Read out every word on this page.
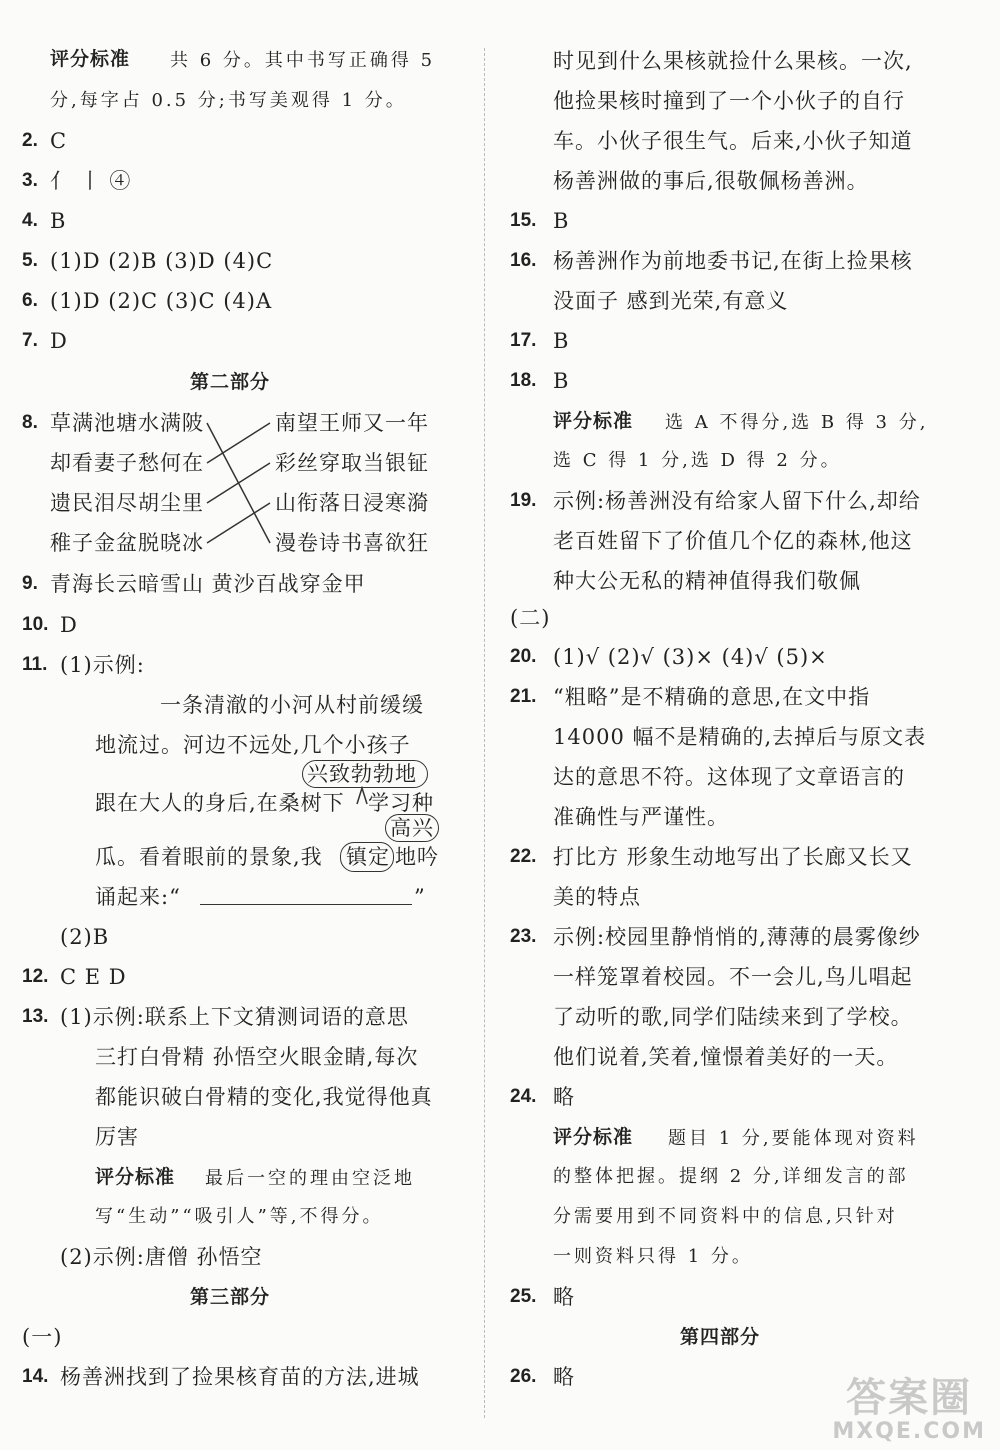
评分标准 共 6 分。其中书写正确得 5
分,每字占 0.5 分;书写美观得 1 分。
2. C
3. 亻 丨 ④
4. B
5. (1)D (2)B (3)D (4)C
6. (1)D (2)C (3)C (4)A
7. D
第二部分
8. 草满池塘水满陂
却看妻子愁何在
遗民泪尽胡尘里
稚子金盆脱晓冰
南望王师又一年
彩丝穿取当银钲
山衔落日浸寒漪
漫卷诗书喜欲狂
9. 青海长云暗雪山 黄沙百战穿金甲
10. D
11. (1)示例:
一条清澈的小河从村前缓缓
地流过。河边不远处,几个小孩子
兴致勃勃地
跟在大人的身后,在桑树下 学习种
高兴
瓜。看着眼前的景象,我 镇定 地吟
诵起来:“	”
(2)B
12. C E D
13. (1)示例:联系上下文猜测词语的意思
三打白骨精 孙悟空火眼金睛,每次
都能识破白骨精的变化,我觉得他真
厉害
评分标准 最后一空的理由空泛地
写“生动”“吸引人”等,不得分。
(2)示例:唐僧 孙悟空
第三部分
(一)
14. 杨善洲找到了捡果核育苗的方法,进城
时见到什么果核就捡什么果核。一次,
他捡果核时撞到了一个小伙子的自行
车。小伙子很生气。后来,小伙子知道
杨善洲做的事后,很敬佩杨善洲。
15. B
16. 杨善洲作为前地委书记,在街上捡果核
没面子 感到光荣,有意义
17. B
18. B
评分标准 选 A 不得分,选 B 得 3 分,
选 C 得 1 分,选 D 得 2 分。
19. 示例:杨善洲没有给家人留下什么,却给
老百姓留下了价值几个亿的森林,他这
种大公无私的精神值得我们敬佩
(二)
20. (1)√ (2)√ (3)× (4)√ (5)×
21. “粗略”是不精确的意思,在文中指
14000 幅不是精确的,去掉后与原文表
达的意思不符。这体现了文章语言的
准确性与严谨性。
22. 打比方 形象生动地写出了长廊又长又
美的特点
23. 示例:校园里静悄悄的,薄薄的晨雾像纱
一样笼罩着校园。不一会儿,鸟儿唱起
了动听的歌,同学们陆续来到了学校。
他们说着,笑着,憧憬着美好的一天。
24. 略
评分标准 题目 1 分,要能体现对资料
的整体把握。提纲 2 分,详细发言的部
分需要用到不同资料中的信息,只针对
一则资料只得 1 分。
25. 略
第四部分
26. 略	答案圈
MXQE.COM
